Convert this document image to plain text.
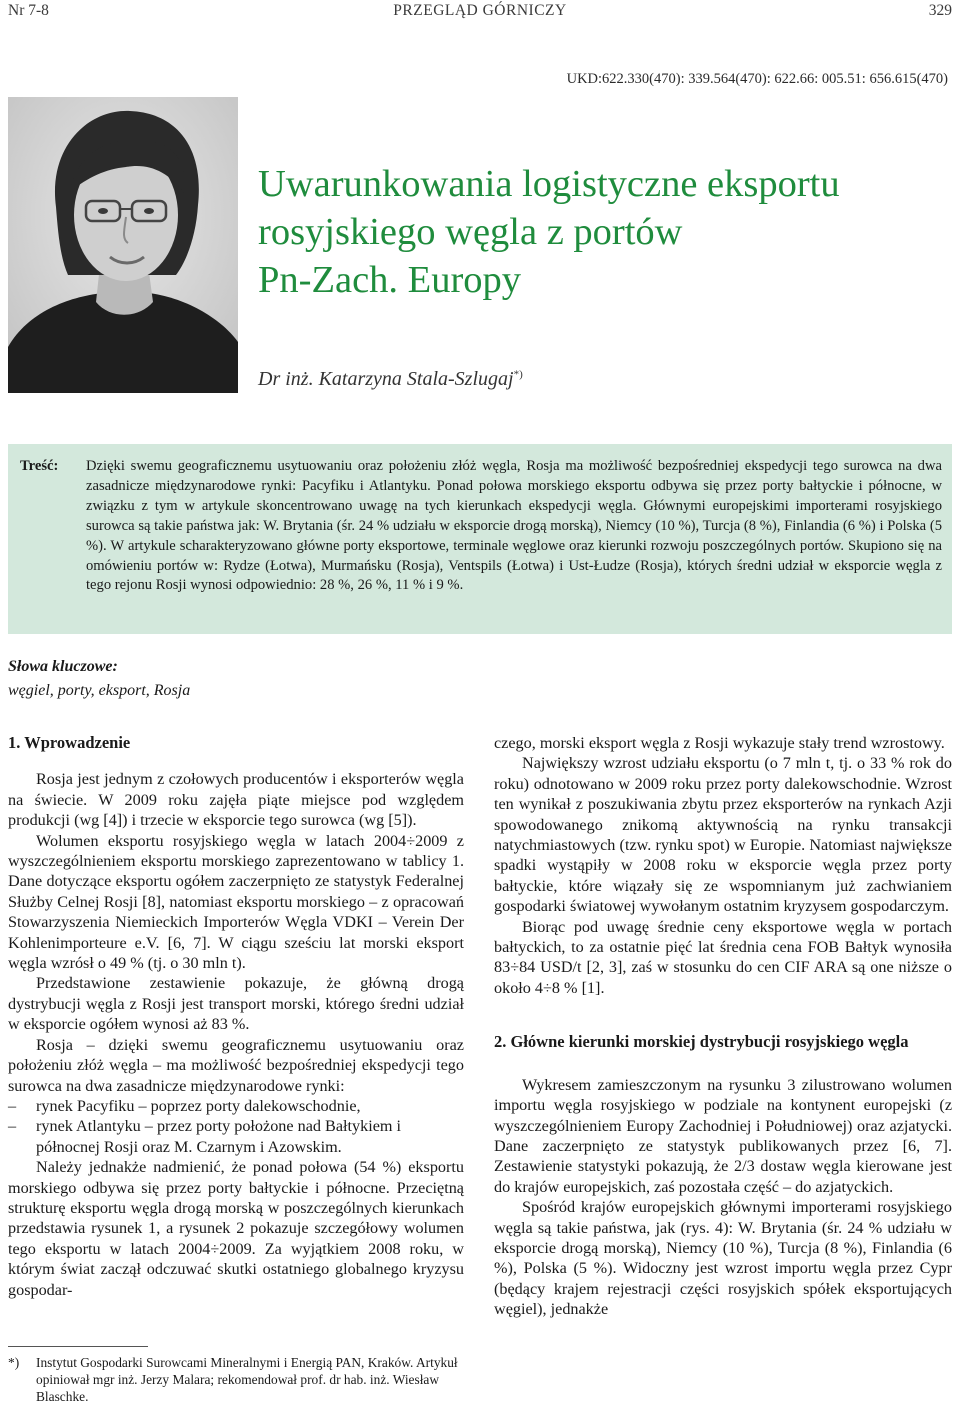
Nr 7-8	PRZEGLĄD GÓRNICZY	329
UKD:622.330(470): 339.564(470): 622.66: 005.51: 656.615(470)
Uwarunkowania logistyczne eksportu
rosyjskiego węgla z portów
Pn-Zach. Europy
Dr inż. Katarzyna Stala-Szlugaj*)

Treść: Dzięki swemu geograficznemu usytuowaniu oraz położeniu złóż węgla, Rosja ma możliwość bezpośredniej ekspedycji tego surowca na dwa zasadnicze międzynarodowe rynki: Pacyfiku i Atlantyku. Ponad połowa morskiego eksportu odbywa się przez porty bałtyckie i północne, w związku z tym w artykule skoncentrowano uwagę na tych kierunkach ekspedycji węgla. Głównymi europejskimi importerami rosyjskiego surowca są takie państwa jak: W. Brytania (śr. 24 % udziału w eksporcie drogą morską), Niemcy (10 %), Turcja (8 %), Finlandia (6 %) i Polska (5 %). W artykule scharakteryzowano główne porty eksportowe, terminale węglowe oraz kierunki rozwoju poszczególnych portów. Skupiono się na omówieniu portów w: Rydze (Łotwa), Murmańsku (Rosja), Ventspils (Łotwa) i Ust-Łudze (Rosja), których średni udział w eksporcie węgla z tego rejonu Rosji wynosi odpowiednio: 28 %, 26 %, 11 % i 9 %.

Słowa kluczowe:
węgiel, porty, eksport, Rosja
1. Wprowadzenie

Rosja jest jednym z czołowych producentów i eksporterów węgla na świecie. W 2009 roku zajęła piąte miejsce pod względem produkcji (wg [4]) i trzecie w eksporcie tego surowca (wg [5]).

Wolumen eksportu rosyjskiego węgla w latach 2004÷2009 z wyszczególnieniem eksportu morskiego zaprezentowano w tablicy 1. Dane dotyczące eksportu ogółem zaczerpnięto ze statystyk Federalnej Służby Celnej Rosji [8], natomiast eksportu morskiego – z opracowań Stowarzyszenia Niemieckich Importerów Węgla VDKI – Verein Der Kohlenimporteure e.V. [6, 7]. W ciągu sześciu lat morski eksport węgla wzrósł o 49 % (tj. o 30 mln t).

Przedstawione zestawienie pokazuje, że główną drogą dystrybucji węgla z Rosji jest transport morski, którego średni udział w eksporcie ogółem wynosi aż 83 %.

Rosja – dzięki swemu geograficznemu usytuowaniu oraz położeniu złóż węgla – ma możliwość bezpośredniej ekspedycji tego surowca na dwa zasadnicze międzynarodowe rynki:

– rynek Pacyfiku – poprzez porty dalekowschodnie,

– rynek Atlantyku – przez porty położone nad Bałtykiem i północnej Rosji oraz M. Czarnym i Azowskim.

Należy jednakże nadmienić, że ponad połowa (54 %) eksportu morskiego odbywa się przez porty bałtyckie i północne. Przeciętną strukturę eksportu węgla drogą morską w poszczególnych kierunkach przedstawia rysunek 1, a rysunek 2 pokazuje szczegółowy wolumen tego eksportu w latach 2004÷2009. Za wyjątkiem 2008 roku, w którym świat zaczął odczuwać skutki ostatniego globalnego kryzysu gospodar-

czego, morski eksport węgla z Rosji wykazuje stały trend wzrostowy.

Największy wzrost udziału eksportu (o 7 mln t, tj. o 33 % rok do roku) odnotowano w 2009 roku przez porty dalekowschodnie. Wzrost ten wynikał z poszukiwania zbytu przez eksporterów na rynkach Azji spowodowanego znikomą aktywnością na rynku transakcji natychmiastowych (tzw. rynku spot) w Europie. Natomiast największe spadki wystąpiły w 2008 roku w eksporcie węgla przez porty bałtyckie, które wiązały się ze wspomnianym już zachwianiem gospodarki światowej wywołanym ostatnim kryzysem gospodarczym.

Biorąc pod uwagę średnie ceny eksportowe węgla w portach bałtyckich, to za ostatnie pięć lat średnia cena FOB Bałtyk wynosiła 83÷84 USD/t [2, 3], zaś w stosunku do cen CIF ARA są one niższe o około 4÷8 % [1].

2. Główne kierunki morskiej dystrybucji rosyjskiego węgla

Wykresem zamieszczonym na rysunku 3 zilustrowano wolumen importu węgla rosyjskiego w podziale na kontynent europejski (z wyszczególnieniem Europy Zachodniej i Południowej) oraz azjatycki. Dane zaczerpnięto ze statystyk publikowanych przez [6, 7]. Zestawienie statystyki pokazują, że 2/3 dostaw węgla kierowane jest do krajów europejskich, zaś pozostała część – do azjatyckich.

Spośród krajów europejskich głównymi importerami rosyjskiego węgla są takie państwa, jak (rys. 4): W. Brytania (śr. 24 % udziału w eksporcie drogą morską), Niemcy (10 %), Turcja (8 %), Finlandia (6 %), Polska (5 %). Widoczny jest wzrost importu węgla przez Cypr (będący krajem rejestracji części rosyjskich spółek eksportujących węgiel), jednakże

*) Instytut Gospodarki Surowcami Mineralnymi i Energią PAN, Kraków. Artykuł opiniował mgr inż. Jerzy Malara; rekomendował prof. dr hab. inż. Wiesław Blaschke.
